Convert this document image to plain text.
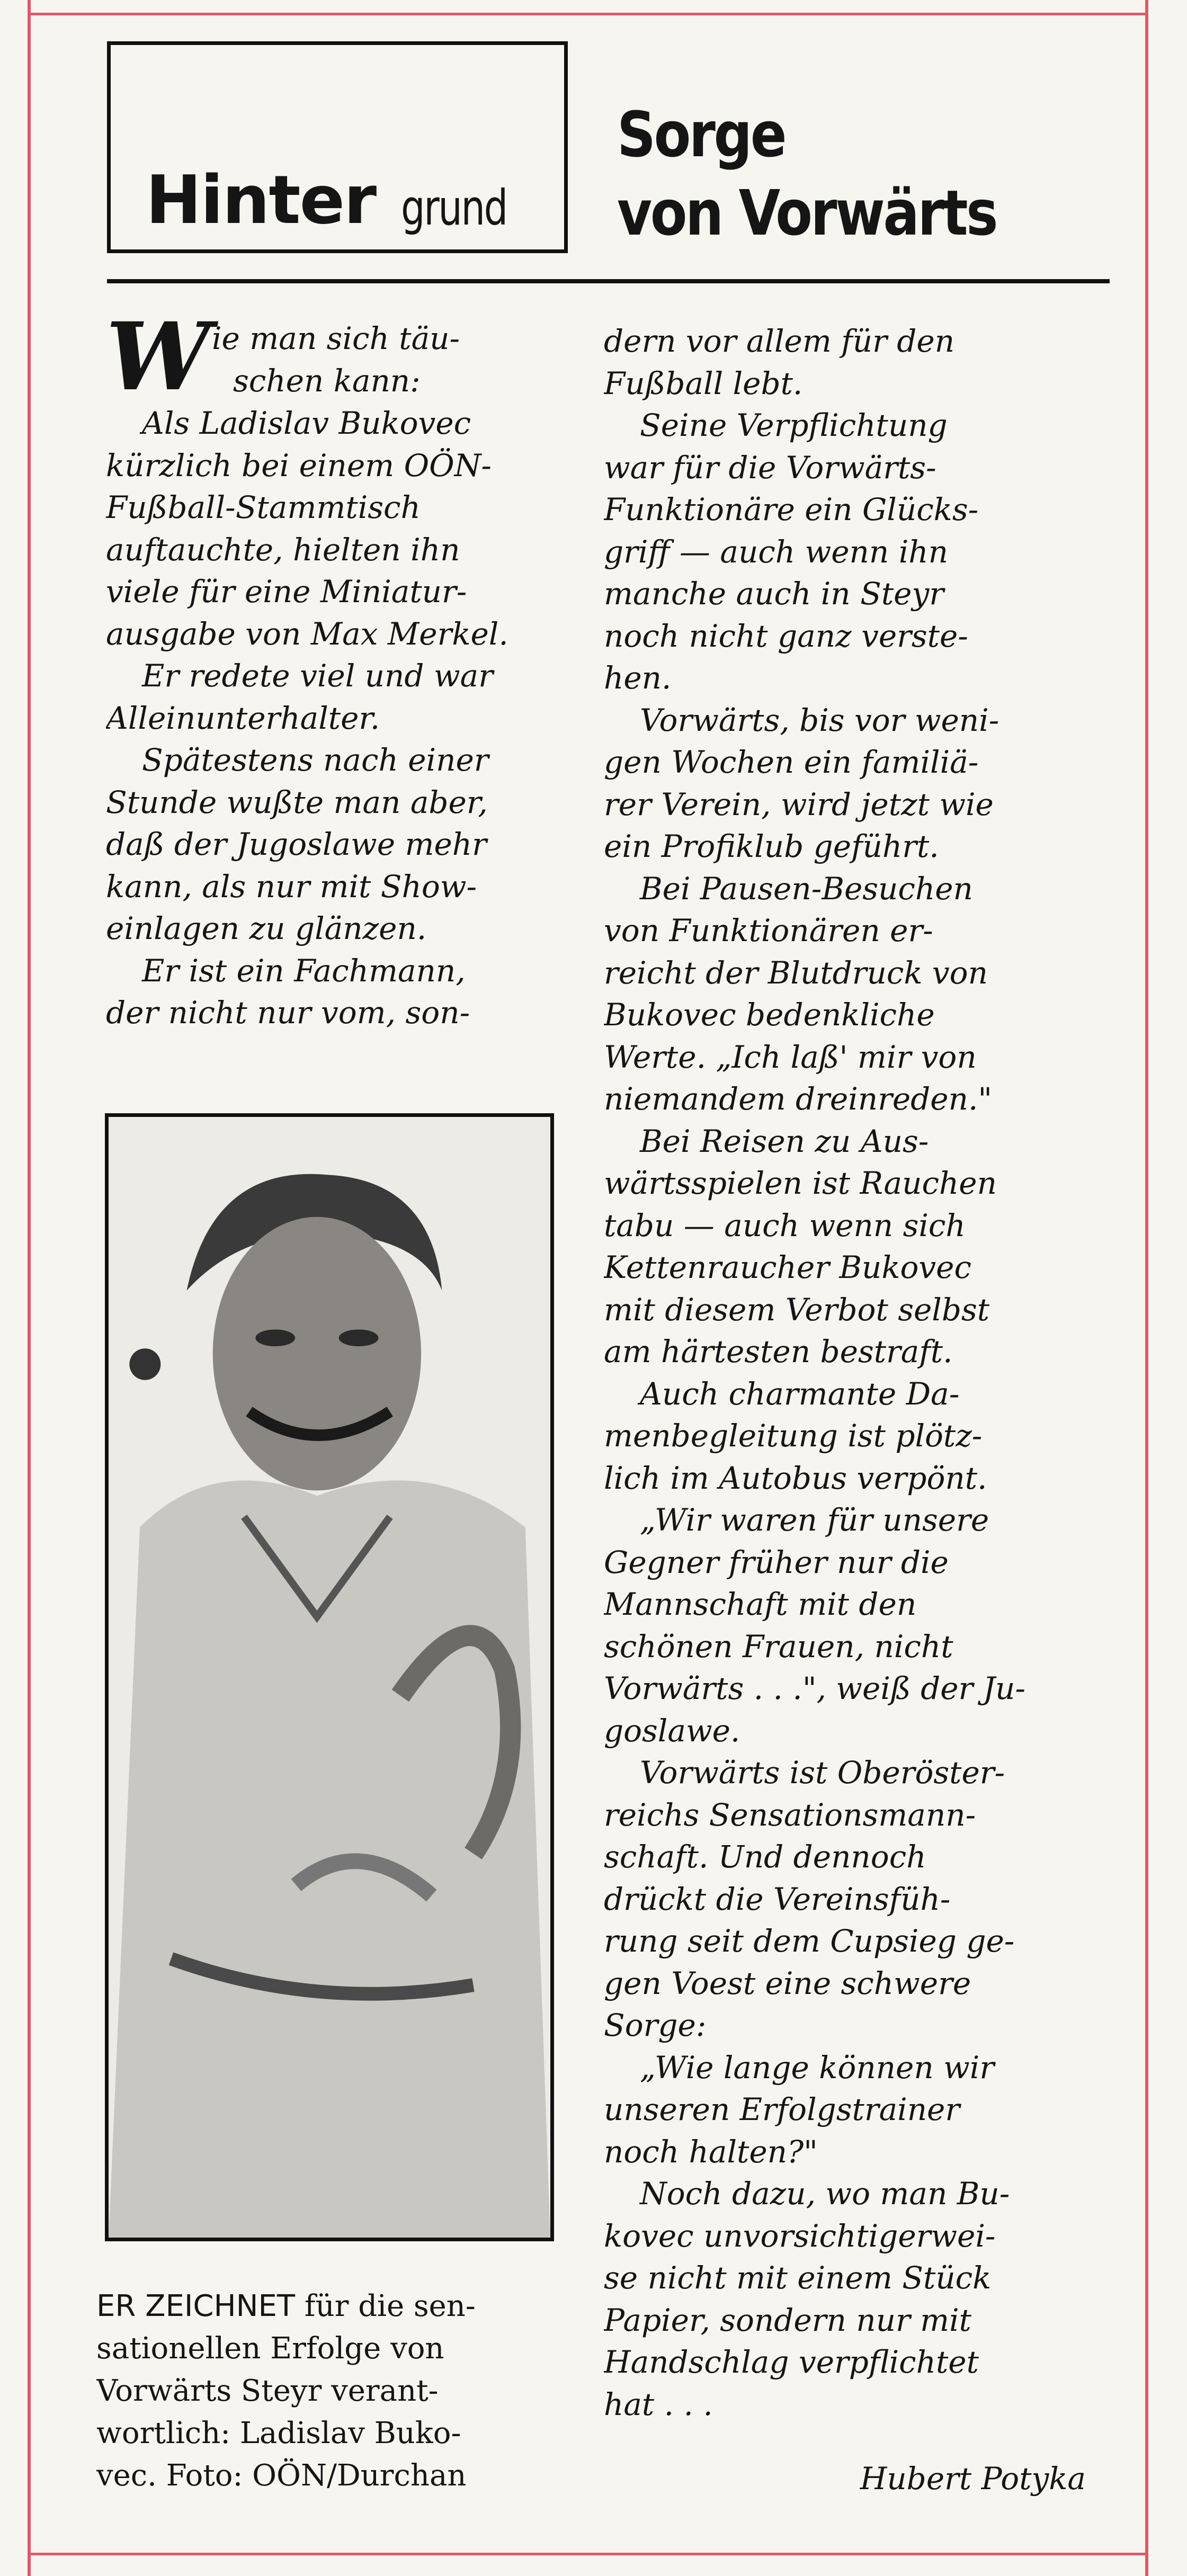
Hinter grund
Sorge
von Vorwärts
W ie man sich täu-
schen kann:
Als Ladislav Bukovec
kürzlich bei einem OÖN-
Fußball-Stammtisch
auftauchte, hielten ihn
viele für eine Miniatur-
ausgabe von Max Merkel.
Er redete viel und war
Alleinunterhalter.
Spätestens nach einer
Stunde wußte man aber,
daß der Jugoslawe mehr
kann, als nur mit Show-
einlagen zu glänzen.
Er ist ein Fachmann,
der nicht nur vom, son-
ER ZEICHNET für die sen-
sationellen Erfolge von
Vorwärts Steyr verant-
wortlich: Ladislav Buko-
vec. Foto: OÖN/Durchan
dern vor allem für den
Fußball lebt.
Seine Verpflichtung
war für die Vorwärts-
Funktionäre ein Glücks-
griff — auch wenn ihn
manche auch in Steyr
noch nicht ganz verste-
hen.
Vorwärts, bis vor weni-
gen Wochen ein familiä-
rer Verein, wird jetzt wie
ein Profiklub geführt.
Bei Pausen-Besuchen
von Funktionären er-
reicht der Blutdruck von
Bukovec bedenkliche
Werte. „Ich laß' mir von
niemandem dreinreden."
Bei Reisen zu Aus-
wärtsspielen ist Rauchen
tabu — auch wenn sich
Kettenraucher Bukovec
mit diesem Verbot selbst
am härtesten bestraft.
Auch charmante Da-
menbegleitung ist plötz-
lich im Autobus verpönt.
„Wir waren für unsere
Gegner früher nur die
Mannschaft mit den
schönen Frauen, nicht
Vorwärts . . .", weiß der Ju-
goslawe.
Vorwärts ist Oberöster-
reichs Sensationsmann-
schaft. Und dennoch
drückt die Vereinsfüh-
rung seit dem Cupsieg ge-
gen Voest eine schwere
Sorge:
„Wie lange können wir
unseren Erfolgstrainer
noch halten?"
Noch dazu, wo man Bu-
kovec unvorsichtigerwei-
se nicht mit einem Stück
Papier, sondern nur mit
Handschlag verpflichtet
hat . . .
Hubert Potyka
